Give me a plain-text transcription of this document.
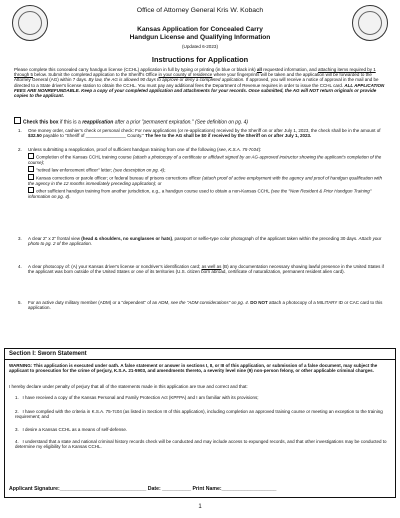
Office of Attorney General Kris W. Kobach
Kansas Application for Concealed Carry
Handgun License and Qualifying Information
(Updated 6-2023)
Instructions for Application
Please complete this concealed carry handgun license (CCHL) application in full by typing or printing (in blue or black ink) all requested information, and attaching items required by 1 through 5 below. Submit the completed application to the Sheriff's Office in your county of residence where your fingerprints will be taken and the application will be forwarded to the Attorney General (AG) within 7 days. By law, the AG is allowed 90 days to approve or deny a completed application. If approved, you will receive a notice of approval in the mail and be directed to a State driver's license station to obtain the CCHL. You must pay any additional fees the Department of Revenue requires in order to issue the CCHL card. ALL APPLICATION FEES ARE NONREFUNDABLE. Keep a copy of your completed application and attachments for your records. Once submitted, the AG will NOT return originals or provide copies to the applicant.
Check this box if this is a reapplication after a prior "permanent expiration." (See definition on pg. 4)
1. One money order, cashier's check or personal check: For new applications (or re-applications) received by the Sheriff on or after July 1, 2023, the check shall be in the amount of $32.50 payable to "Sheriff of ________________ County." The fee to the AG shall be $0 if received by the Sheriff on or after July 1, 2023.
2. Unless submitting a reapplication, proof of sufficient handgun training from one of the following (see, K.S.A. 75-7c04):
Completion of the Kansas CCHL training course (attach a photocopy of a certificate or affidavit signed by an AG-approved instructor showing the applicant's completion of the course);
"retired law enforcement officer" letter; (see description on pg. 4);
Kansas corrections or parole officer; or federal bureau of prisons corrections officer (attach proof of active employment with the agency and proof of handgun qualification with the agency in the 12 months immediately preceding application); or
other sufficient handgun training from another jurisdiction, e.g., a handgun course used to obtain a non-Kansas CCHL (see the "New Resident & Prior Handgun Training" information on pg. 4).
3. A clear 2" x 2" frontal view (head & shoulders, no sunglasses or hats), passport or selfie-type color photograph of the applicant taken within the preceding 30 days. Attach your photo to pg. 2 of the application.
4. A clear photocopy of: (A) your Kansas driver's license or nondriver's identification card; as well as (B) any documentation necessary showing lawful presence in the United States if the applicant was born outside of the United States or one of its territories (U.S. citizen born abroad, certificate of naturalization, permanent resident alien card).
5. For an active duty military member (ADM) or a "dependent" of an ADM, see the "ADM considerations" on pg. 4. DO NOT attach a photocopy of a MILITARY ID or CAC card to this application.
Section I: Sworn Statement
WARNING: This application is executed under oath. A false statement or answer in sections I, II, or III of this application, or submission of a false document, may subject the applicant to prosecution for the crime of perjury, K.S.A. 21-5903, and amendments thereto, a severity level nine (9) non-person felony, or other applicable criminal charges.
I hereby declare under penalty of perjury that all of the statements made in this application are true and correct and that:
1. I have received a copy of the Kansas Personal and Family Protection Act (KPFPA) and I am familiar with its provisions;
2. I have complied with the criteria in K.S.A. 75-7c04 (as listed in Section III of this application), including completion an approved training course or meeting an exception to the training requirement; and
3. I desire a Kansas CCHL as a means of self-defense.
4. I understand that a state and national criminal history records check will be conducted and may include access to expunged records, and that other investigations may be conducted to determine my eligibility for a Kansas CCHL.
Applicant Signature:______________________________ Date: __________ Print Name:___________________
1
